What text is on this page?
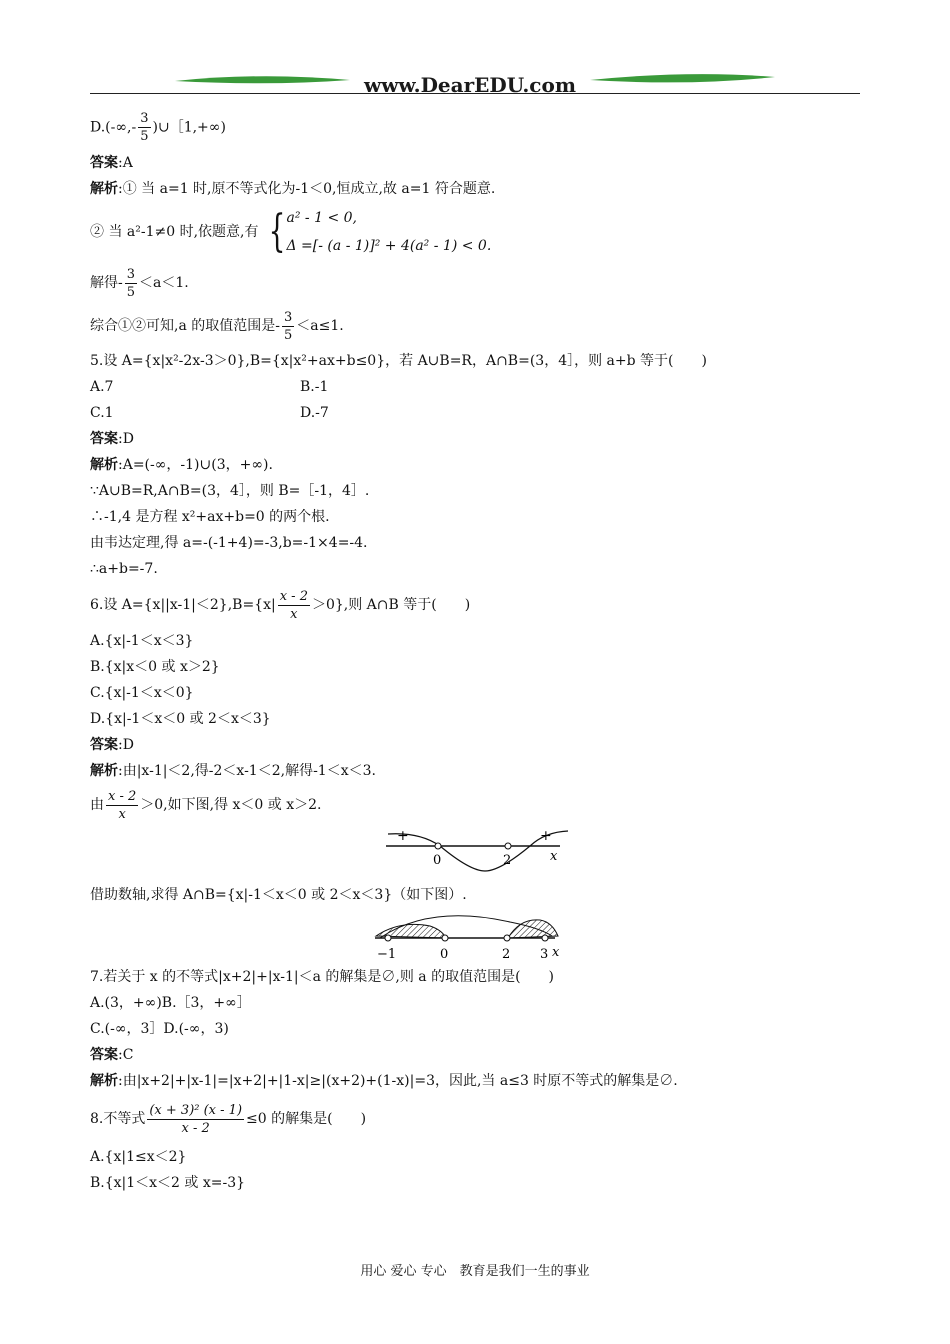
www.DearEDU.com
$D.(-\infty,- \frac{3}{5}$ )∪［1,+∞)
答案:A
解析:① 当 a=1 时,原不等式化为-1＜0,恒成立,故 a=1 符合题意.
② 当 a²-1≠0 时,依题意,有 { a² - 1 < 0,
Δ =[- (a - 1)]² + 4(a² - 1) < 0.
解得- $\frac{3}{5} <a<1$.
综合①②可知,a 的取值范围是- $\frac{3}{5} <a\le 1$.
5.设 A={x|x²-2x-3＞0},B={x|x²+ax+b≤0}，若 A∪B=R，A∩B=(3，4］，则 a+b 等于(　　)
A.7	B.-1
C.1	D.-7
答案:D
解析:A=(-∞，-1)∪(3，+∞).
∵A∪B=R,A∩B=(3，4］，则 B=［-1，4］.
∴-1,4 是方程 x²+ax+b=0 的两个根.
由韦达定理,得 a=-(-1+4)=-3,b=-1×4=-4.
∴a+b=-7.
6.设 $A=\{x||x-1|<2\},B=\{x| \frac{x - 2}{x} >0\}$,则 A∩B 等于(　　)
A.{x|-1＜x＜3}
B.{x|x＜0 或 x＞2}
C.{x|-1＜x＜0}
D.{x|-1＜x＜0 或 2＜x＜3}
答案:D
解析:由|x-1|＜2,得-2＜x-1＜2,解得-1＜x＜3.
由 $\frac{x - 2}{x} >0$,如下图,得 x＜0 或 x＞2.
+	+
0	2	x
借助数轴,求得 A∩B={x|-1＜x＜0 或 2＜x＜3}（如下图）.
−1	0	2 3 x
7.若关于 x 的不等式|x+2|+|x-1|＜a 的解集是∅,则 a 的取值范围是(　　)
A.(3，+∞)B.［3，+∞］
C.(-∞，3］D.(-∞，3)
答案:C
解析:由|x+2|+|x-1|=|x+2|+|1-x|≥|(x+2)+(1-x)|=3，因此,当 a≤3 时原不等式的解集是∅.
8.不等式 $\frac{\text{(x + 3)² (x - 1)}}{x - 2} \le 0$ 的解集是(　　)
A.{x|1≤x＜2}
B.{x|1＜x＜2 或 x=-3}
用心 爱心 专心　教育是我们一生的事业
